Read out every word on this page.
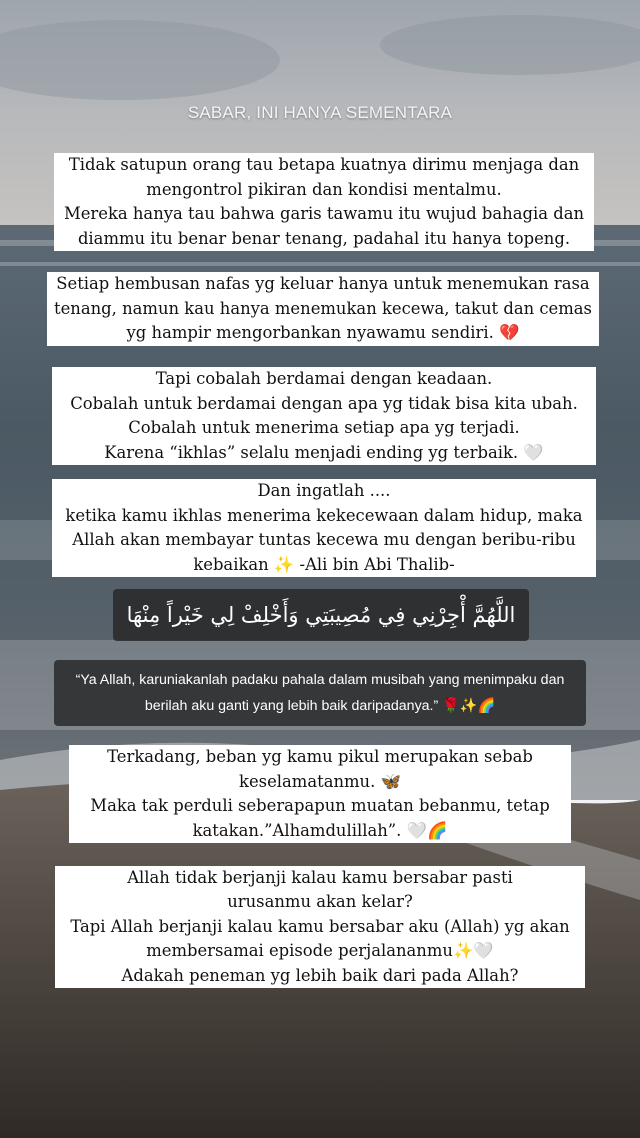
SABAR, INI HANYA SEMENTARA
Tidak satupun orang tau betapa kuatnya dirimu menjaga dan
mengontrol pikiran dan kondisi mentalmu.
Mereka hanya tau bahwa garis tawamu itu wujud bahagia dan
diammu itu benar benar tenang, padahal itu hanya topeng.
Setiap hembusan nafas yg keluar hanya untuk menemukan rasa
tenang, namun kau hanya menemukan kecewa, takut dan cemas
yg hampir mengorbankan nyawamu sendiri. 💔
Tapi cobalah berdamai dengan keadaan.
Cobalah untuk berdamai dengan apa yg tidak bisa kita ubah.
Cobalah untuk menerima setiap apa yg terjadi.
Karena “ikhlas” selalu menjadi ending yg terbaik. 🤍
Dan ingatlah ....
ketika kamu ikhlas menerima kekecewaan dalam hidup, maka
Allah akan membayar tuntas kecewa mu dengan beribu-ribu
kebaikan ✨ -Ali bin Abi Thalib-
اللَّهُمَّ أْجِرْنِي فِي مُصِيبَتِي وَأَخْلِفْ لِي خَيْراً مِنْهَا
“Ya Allah, karuniakanlah padaku pahala dalam musibah yang menimpaku dan
berilah aku ganti yang lebih baik daripadanya.” 🌹✨🌈
Terkadang, beban yg kamu pikul merupakan sebab
keselamatanmu. 🦋
Maka tak perduli seberapapun muatan bebanmu, tetap
katakan.”Alhamdulillah”. 🤍🌈
Allah tidak berjanji kalau kamu bersabar pasti
urusanmu akan kelar?
Tapi Allah berjanji kalau kamu bersabar aku (Allah) yg akan
membersamai episode perjalananmu✨🤍
Adakah peneman yg lebih baik dari pada Allah?
